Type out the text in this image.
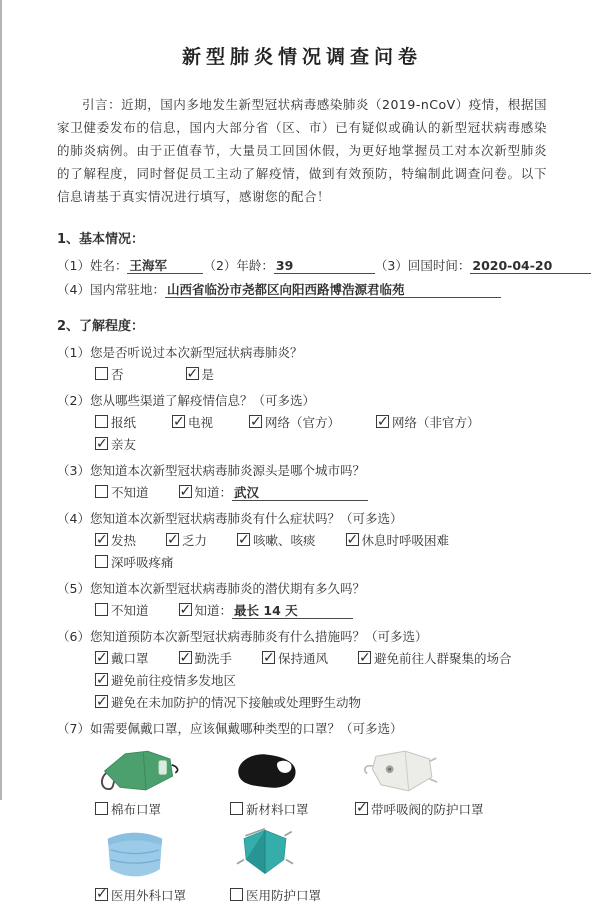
新型肺炎情况调查问卷

引言：近期，国内多地发生新型冠状病毒感染肺炎（2019-nCoV）疫情，根据国家卫健委发布的信息，国内大部分省（区、市）已有疑似或确认的新型冠状病毒感染的肺炎病例。由于正值春节，大量员工回国休假，为更好地掌握员工对本次新型肺炎的了解程度，同时督促员工主动了解疫情，做到有效预防，特编制此调查问卷。以下信息请基于真实情况进行填写，感谢您的配合！

1、基本情况：
（1）姓名： 王海军	（2）年龄： 39	（3）回国时间： 2020-04-20
（4）国内常驻地： 山西省临汾市尧都区向阳西路博浩源君临苑
2、了解程度：
（1）您是否听说过本次新型冠状病毒肺炎？
否 ✓	是
（2）您从哪些渠道了解疫情信息？（可多选）
报纸 ✓	电视 ✓	网络（官方） ✓	网络（非官方）
✓亲友
（3）您知道本次新型冠状病毒肺炎源头是哪个城市吗？
不知道 ✓	知道： 武汉
（4）您知道本次新型冠状病毒肺炎有什么症状吗？（可多选）
✓发热 ✓	乏力 ✓	咳嗽、咳痰 ✓	休息时呼吸困难
深呼吸疼痛
（5）您知道本次新型冠状病毒肺炎的潜伏期有多久吗？
不知道 ✓	知道： 最长 14 天
（6）您知道预防本次新型冠状病毒肺炎有什么措施吗？（可多选）
✓戴口罩 ✓	勤洗手 ✓	保持通风 ✓	避免前往人群聚集的场合
✓避免前往疫情多发地区
✓避免在未加防护的情况下接触或处理野生动物
（7）如需要佩戴口罩，应该佩戴哪种类型的口罩？（可多选）
棉布口罩	新材料口罩 ✓	带呼吸阀的防护口罩
✓医用外科口罩	医用防护口罩
